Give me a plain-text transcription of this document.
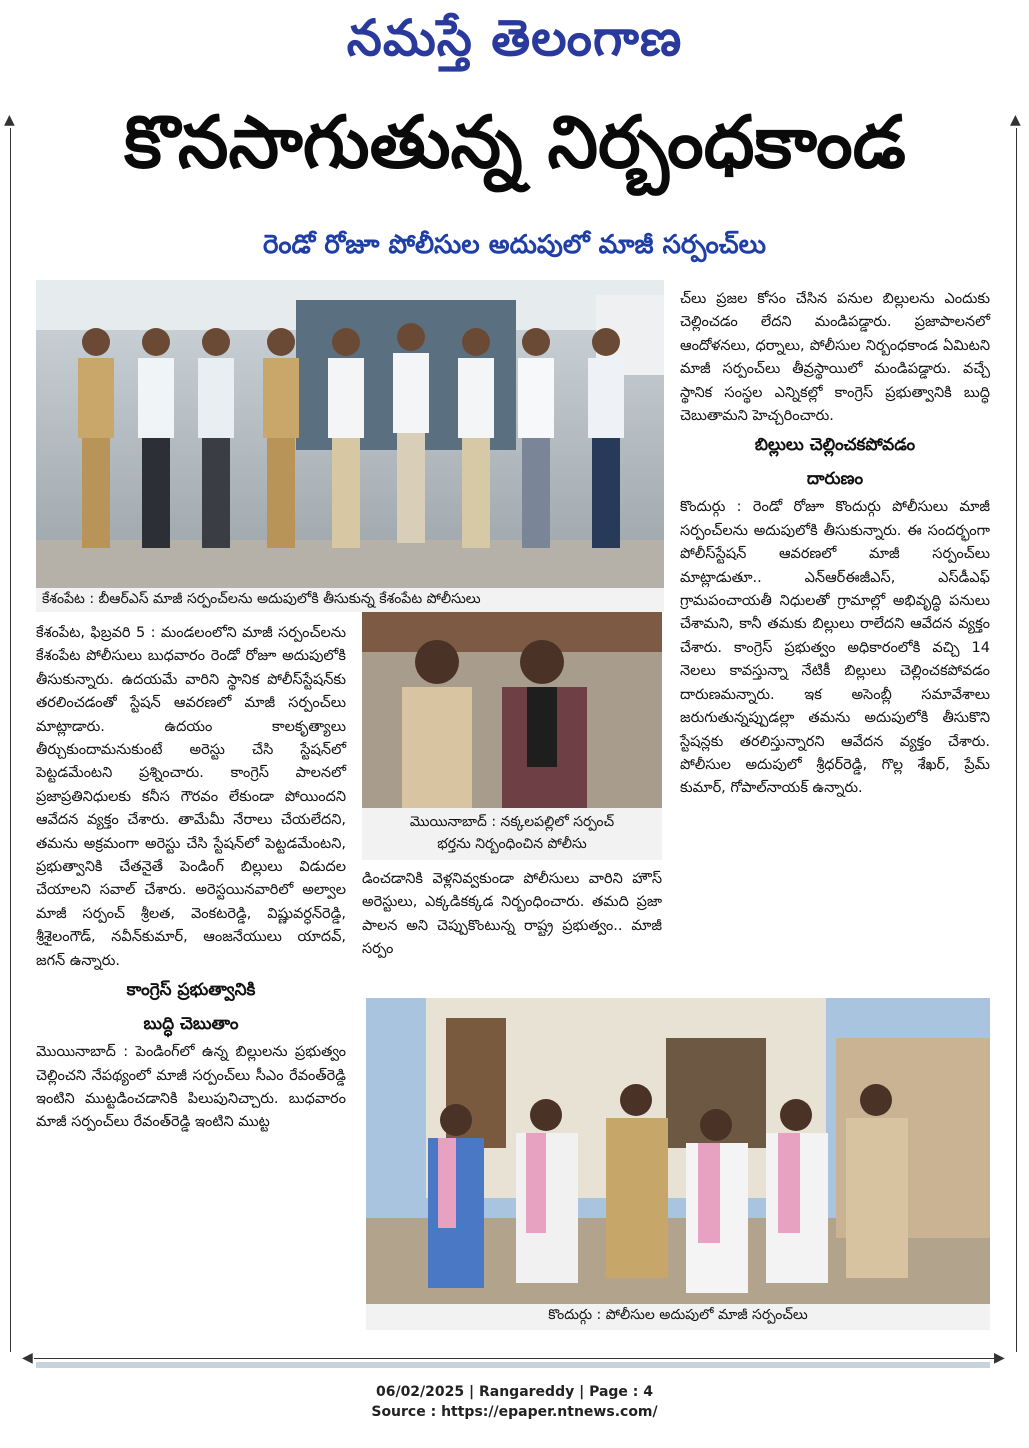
నమస్తే తెలంగాణ
కొనసాగుతున్న నిర్బంధకాండ
రెండో రోజూ పోలీసుల అదుపులో మాజీ సర్పంచ్‌లు
▲	▲
కేశంపేట : బీఆర్‌ఎస్‌ మాజీ సర్పంచ్‌లను అదుపులోకి తీసుకున్న కేశంపేట పోలీసులు
మొయినాబాద్‌ : నక్కలపల్లిలో సర్పంచ్‌
భర్తను నిర్బంధించిన పోలీసు

కేశంపేట, ఫిబ్రవరి 5 : మండలంలోని మాజీ సర్పంచ్‌లను కేశంపేట పోలీసులు బుధవారం రెండో రోజూ అదుపులోకి తీసుకున్నారు. ఉదయమే వారిని స్థానిక పోలీస్‌స్టేషన్‌కు తరలించడంతో స్టేషన్‌ ఆవరణలో మాజీ సర్పంచ్‌లు మాట్లాడారు. ఉదయం కాలకృత్యాలు తీర్చుకుందామనుకుంటే అరెస్టు చేసి స్టేషన్‌లో పెట్టడమేంటని ప్రశ్నించారు. కాంగ్రెస్‌ పాలనలో ప్రజాప్రతినిధులకు కనీస గౌరవం లేకుండా పోయిందని ఆవేదన వ్యక్తం చేశారు. తామేమీ నేరాలు చేయలేదని, తమను అక్రమంగా అరెస్టు చేసి స్టేషన్‌లో పెట్టడమేంటని, ప్రభుత్వానికి చేతనైతే పెండింగ్‌ బిల్లులు విడుదల చేయాలని సవాల్‌ చేశారు. అరెస్టయినవారిలో అల్వాల మాజీ సర్పంచ్‌ శ్రీలత, వెంకటరెడ్డి, విష్ణువర్ధన్‌రెడ్డి, శ్రీశైలంగౌడ్‌, నవీన్‌కుమార్‌, ఆంజనేయులు యాదవ్‌, జగన్‌ ఉన్నారు.

కాంగ్రెస్‌ ప్రభుత్వానికి
బుద్ధి చెబుతాం

మొయినాబాద్‌ : పెండింగ్‌లో ఉన్న బిల్లులను ప్రభుత్వం చెల్లించని నేపథ్యంలో మాజీ సర్పంచ్‌లు సీఎం రేవంత్‌రెడ్డి ఇంటిని ముట్టడించడానికి పిలుపునిచ్చారు. బుధవారం మాజీ సర్పంచ్‌లు రేవంత్‌రెడ్డి ఇంటిని ముట్ట

డించడానికి వెళ్లనివ్వకుండా పోలీసులు వారిని హౌస్‌ అరెస్టులు, ఎక్కడికక్కడ నిర్బంధించారు. తమది ప్రజా పాలన అని చెప్పుకొంటున్న రాష్ట్ర ప్రభుత్వం.. మాజీ సర్పం

చ్‌లు ప్రజల కోసం చేసిన పనుల బిల్లులను ఎందుకు చెల్లించడం లేదని మండిపడ్డారు. ప్రజాపాలనలో ఆందోళనలు, ధర్నాలు, పోలీసుల నిర్బంధకాండ ఏమిటని మాజీ సర్పంచ్‌లు తీవ్రస్థాయిలో మండిపడ్డారు. వచ్చే స్థానిక సంస్థల ఎన్నికల్లో కాంగ్రెస్‌ ప్రభుత్వానికి బుద్ధి చెబుతామని హెచ్చరించారు.

బిల్లులు చెల్లించకపోవడం
దారుణం

కొందుర్గు : రెండో రోజూ కొందుర్గు పోలీసులు మాజీ సర్పంచ్‌లను అదుపులోకి తీసుకున్నారు. ఈ సందర్భంగా పోలీస్‌స్టేషన్‌ ఆవరణలో మాజీ సర్పంచ్‌లు మాట్లాడుతూ.. ఎన్‌ఆర్‌ఈజీఎస్‌, ఎస్‌డీఎఫ్‌ గ్రామపంచాయతీ నిధులతో గ్రామాల్లో అభివృద్ధి పనులు చేశామని, కానీ తమకు బిల్లులు రాలేదని ఆవేదన వ్యక్తం చేశారు. కాంగ్రెస్‌ ప్రభుత్వం అధికారంలోకి వచ్చి 14 నెలలు కావస్తున్నా నేటికీ బిల్లులు చెల్లించకపోవడం దారుణమన్నారు. ఇక అసెంబ్లీ సమావేశాలు జరుగుతున్నప్పుడల్లా తమను అదుపులోకి తీసుకొని స్టేషన్లకు తరలిస్తున్నారని ఆవేదన వ్యక్తం చేశారు. పోలీసుల అదుపులో శ్రీధర్‌రెడ్డి, గొల్ల శేఖర్‌, ప్రేమ్‌ కుమార్‌, గోపాల్‌నాయక్‌ ఉన్నారు.

కొందుర్గు : పోలీసుల అదుపులో మాజీ సర్పంచ్‌లు
◀	▶
06/02/2025 | Rangareddy | Page : 4
Source : https://epaper.ntnews.com/
